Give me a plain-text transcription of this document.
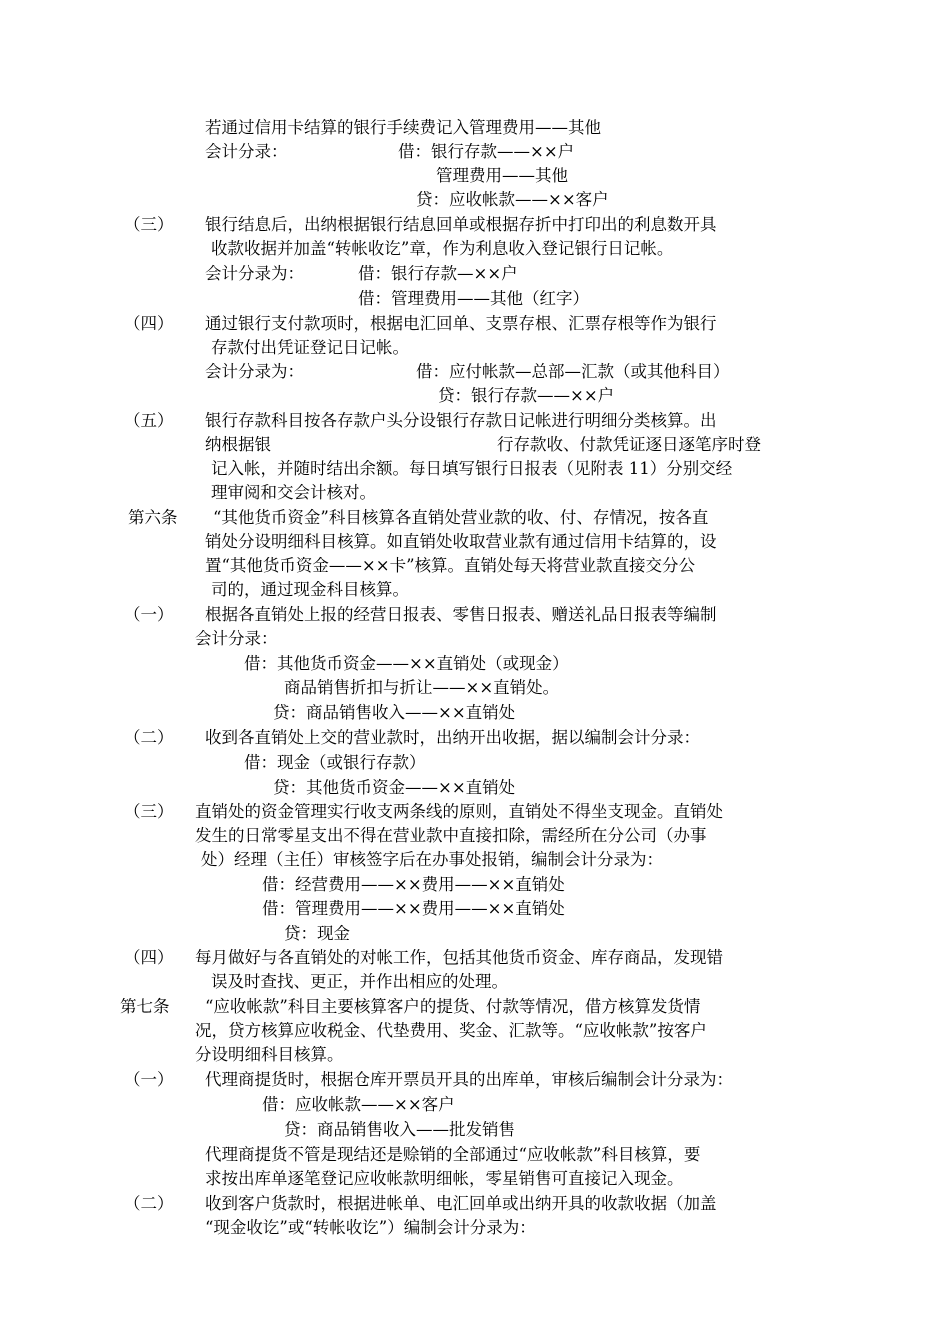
若通过信用卡结算的银行手续费记入管理费用——其他
会计分录：	借：银行存款——××户
管理费用——其他
贷：应收帐款——××客户
（三） 银行结息后，出纳根据银行结息回单或根据存折中打印出的利息数开具
收款收据并加盖“转帐收讫”章，作为利息收入登记银行日记帐。
会计分录为：	借：银行存款—××户
借：管理费用——其他（红字）
（四） 通过银行支付款项时，根据电汇回单、支票存根、汇票存根等作为银行
存款付出凭证登记日记帐。
会计分录为：	借：应付帐款—总部—汇款（或其他科目）
贷：银行存款——××户
（五） 银行存款科目按各存款户头分设银行存款日记帐进行明细分类核算。出
纳根据银	行存款收、付款凭证逐日逐笔序时登
记入帐，并随时结出余额。每日填写银行日报表（见附表 11）分别交经
理审阅和交会计核对。
第六条 “其他货币资金”科目核算各直销处营业款的收、付、存情况，按各直
销处分设明细科目核算。如直销处收取营业款有通过信用卡结算的，设
置“其他货币资金——××卡”核算。直销处每天将营业款直接交分公
司的，通过现金科目核算。
（一） 根据各直销处上报的经营日报表、零售日报表、赠送礼品日报表等编制
会计分录：
借：其他货币资金——××直销处（或现金）
商品销售折扣与折让——××直销处。
贷：商品销售收入——××直销处
（二） 收到各直销处上交的营业款时，出纳开出收据，据以编制会计分录：
借：现金（或银行存款）
贷：其他货币资金——××直销处
（三） 直销处的资金管理实行收支两条线的原则，直销处不得坐支现金。直销处
发生的日常零星支出不得在营业款中直接扣除，需经所在分公司（办事
处）经理（主任）审核签字后在办事处报销，编制会计分录为：
借：经营费用——××费用——××直销处
借：管理费用——××费用——××直销处
贷：现金
（四） 每月做好与各直销处的对帐工作，包括其他货币资金、库存商品，发现错
误及时查找、更正，并作出相应的处理。
第七条 “应收帐款”科目主要核算客户的提货、付款等情况，借方核算发货情
况，贷方核算应收税金、代垫费用、奖金、汇款等。“应收帐款”按客户
分设明细科目核算。
（一） 代理商提货时，根据仓库开票员开具的出库单，审核后编制会计分录为：
借：应收帐款——××客户
贷：商品销售收入——批发销售
代理商提货不管是现结还是赊销的全部通过“应收帐款”科目核算，要
求按出库单逐笔登记应收帐款明细帐，零星销售可直接记入现金。
（二） 收到客户货款时，根据进帐单、电汇回单或出纳开具的收款收据（加盖
“现金收讫”或“转帐收讫”）编制会计分录为：
